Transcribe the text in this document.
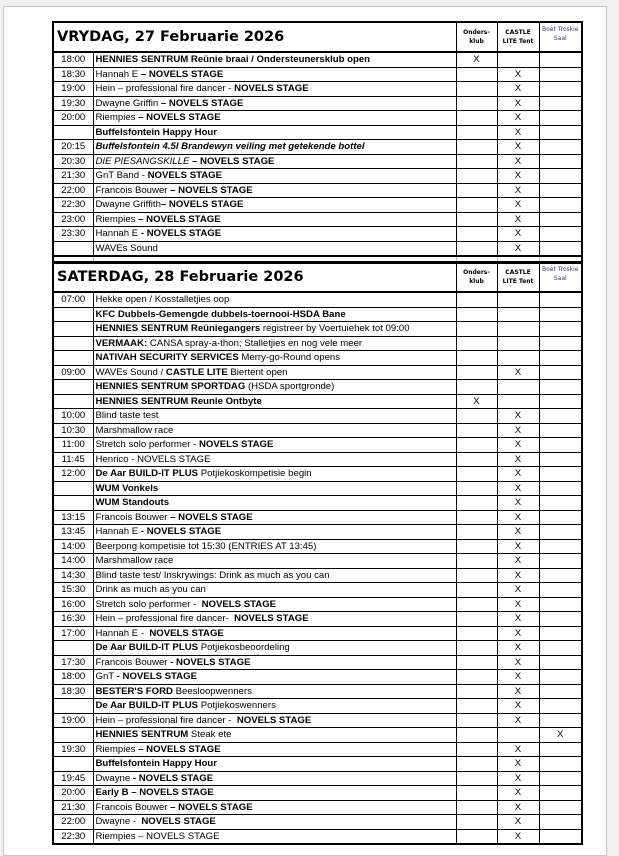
VRYDAG, 27 Februarie 2026		Onders-klub	CASTLE LITE Tent	Boet Troskie Saal
18:00	HENNIES SENTRUM Reünie braai / Ondersteunersklub open	X		
18:30	Hannah E – NOVELS STAGE		X	
19:00	Hein – professional fire dancer - NOVELS STAGE		X	
19:30	Dwayne Griffin – NOVELS STAGE		X	
20:00	Riempies – NOVELS STAGE		X	
	Buffelsfontein Happy Hour		X	
20:15	Buffelsfontein 4.5l Brandewyn veiling met getekende bottel		X	
20:30	DIE PIESANGSKILLE – NOVELS STAGE		X	
21:30	GnT Band - NOVELS STAGE		X	
22:00	Francois Bouwer – NOVELS STAGE		X	
22:30	Dwayne Griffith– NOVELS STAGE		X	
23:00	Riempies – NOVELS STAGE		X	
23:30	Hannah E - NOVELS STAGE		X	
	WAVEs Sound		X	

SATERDAG, 28 Februarie 2026		Onders-klub	CASTLE LITE Tent	Boet Troskie Saal
07:00	Hekke open / Kosstalletjies oop			
	KFC Dubbels-Gemengde dubbels-toernooi-HSDA Bane			
	HENNIES SENTRUM Reüniegangers registreer by Voertuiehek tot 09:00			
	VERMAAK: CANSA spray-a-thon; Stalletjies en nog vele meer			
	NATIVAH SECURITY SERVICES Merry-go-Round opens			
09:00	WAVEs Sound / CASTLE LITE Biertent open		X	
	HENNIES SENTRUM SPORTDAG (HSDA sportgronde)			
	HENNIES SENTRUM Reunie Ontbyte	X		
10:00	Blind taste test		X	
10:30	Marshmallow race		X	
11:00	Stretch solo performer - NOVELS STAGE		X	
11:45	Henrico - NOVELS STAGE		X	
12:00	De Aar BUILD-IT PLUS Potjiekoskompetisie begin		X	
	WUM Vonkels		X	
	WUM Standouts		X	
13:15	Francois Bouwer – NOVELS STAGE		X	
13:45	Hannah E - NOVELS STAGE		X	
14:00	Beerpong kompetisie tot 15:30 (ENTRIES AT 13:45)		X	
14:00	Marshmallow race		X	
14:30	Blind taste test/ Inskrywings: Drink as much as you can		X	
15:30	Drink as much as you can		X	
16:00	Stretch solo performer -  NOVELS STAGE		X	
16:30	Hein – professional fire dancer-  NOVELS STAGE		X	
17:00	Hannah E -  NOVELS STAGE		X	
	De Aar BUILD-IT PLUS Potjiekosbeoordeling		X	
17:30	Francois Bouwer - NOVELS STAGE		X	
18:00	GnT - NOVELS STAGE		X	
18:30	BESTER'S FORD Beesloopwenners		X	
	De Aar BUILD-IT PLUS Potjiekoswenners		X	
19:00	Hein – professional fire dancer -  NOVELS STAGE		X	
	HENNIES SENTRUM Steak ete			X
19:30	Riempies – NOVELS STAGE		X	
	Buffelsfontein Happy Hour		X	
19:45	Dwayne - NOVELS STAGE		X	
20:00	Early B – NOVELS STAGE		X	
21:30	Francois Bouwer – NOVELS STAGE		X	
22:00	Dwayne -  NOVELS STAGE		X	
22:30	Riempies – NOVELS STAGE		X	
